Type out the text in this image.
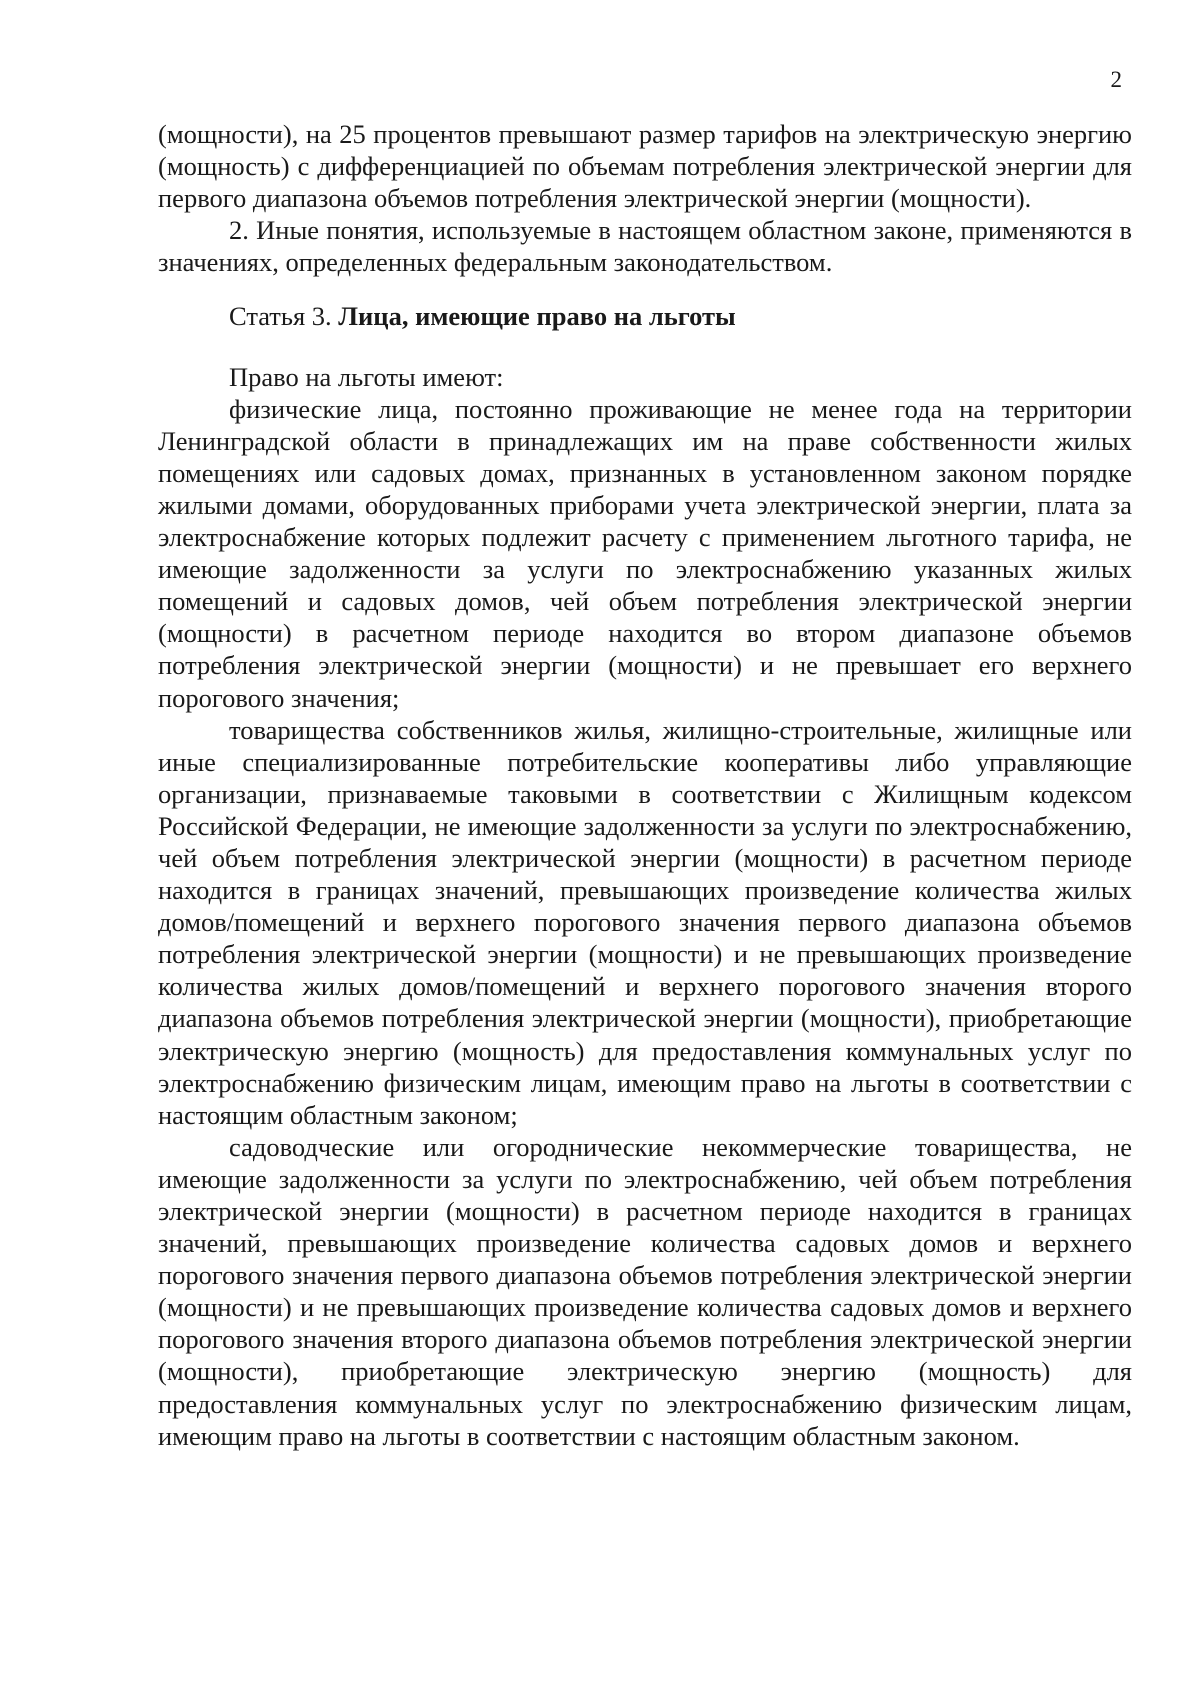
2

(мощности), на 25 процентов превышают размер тарифов на электрическую энергию (мощность) с дифференциацией по объемам потребления электрической энергии для первого диапазона объемов потребления электрической энергии (мощности).

2. Иные понятия, используемые в настоящем областном законе, применяются в значениях, определенных федеральным законодательством.

Статья 3. Лица, имеющие право на льготы

Право на льготы имеют:

физические лица, постоянно проживающие не менее года на территории Ленинградской области в принадлежащих им на праве собственности жилых помещениях или садовых домах, признанных в установленном законом порядке жилыми домами, оборудованных приборами учета электрической энергии, плата за электроснабжение которых подлежит расчету с применением льготного тарифа, не имеющие задолженности за услуги по электроснабжению указанных жилых помещений и садовых домов, чей объем потребления электрической энергии (мощности) в расчетном периоде находится во втором диапазоне объемов потребления электрической энергии (мощности) и не превышает его верхнего порогового значения;

товарищества собственников жилья, жилищно-строительные, жилищные или иные специализированные потребительские кооперативы либо управляющие организации, признаваемые таковыми в соответствии с Жилищным кодексом Российской Федерации, не имеющие задолженности за услуги по электроснабжению, чей объем потребления электрической энергии (мощности) в расчетном периоде находится в границах значений, превышающих произведение количества жилых домов/помещений и верхнего порогового значения первого диапазона объемов потребления электрической энергии (мощности) и не превышающих произведение количества жилых домов/помещений и верхнего порогового значения второго диапазона объемов потребления электрической энергии (мощности), приобретающие электрическую энергию (мощность) для предоставления коммунальных услуг по электроснабжению физическим лицам, имеющим право на льготы в соответствии с настоящим областным законом;

садоводческие или огороднические некоммерческие товарищества, не имеющие задолженности за услуги по электроснабжению, чей объем потребления электрической энергии (мощности) в расчетном периоде находится в границах значений, превышающих произведение количества садовых домов и верхнего порогового значения первого диапазона объемов потребления электрической энергии (мощности) и не превышающих произведение количества садовых домов и верхнего порогового значения второго диапазона объемов потребления электрической энергии (мощности), приобретающие электрическую энергию (мощность) для предоставления коммунальных услуг по электроснабжению физическим лицам, имеющим право на льготы в соответствии с настоящим областным законом.
